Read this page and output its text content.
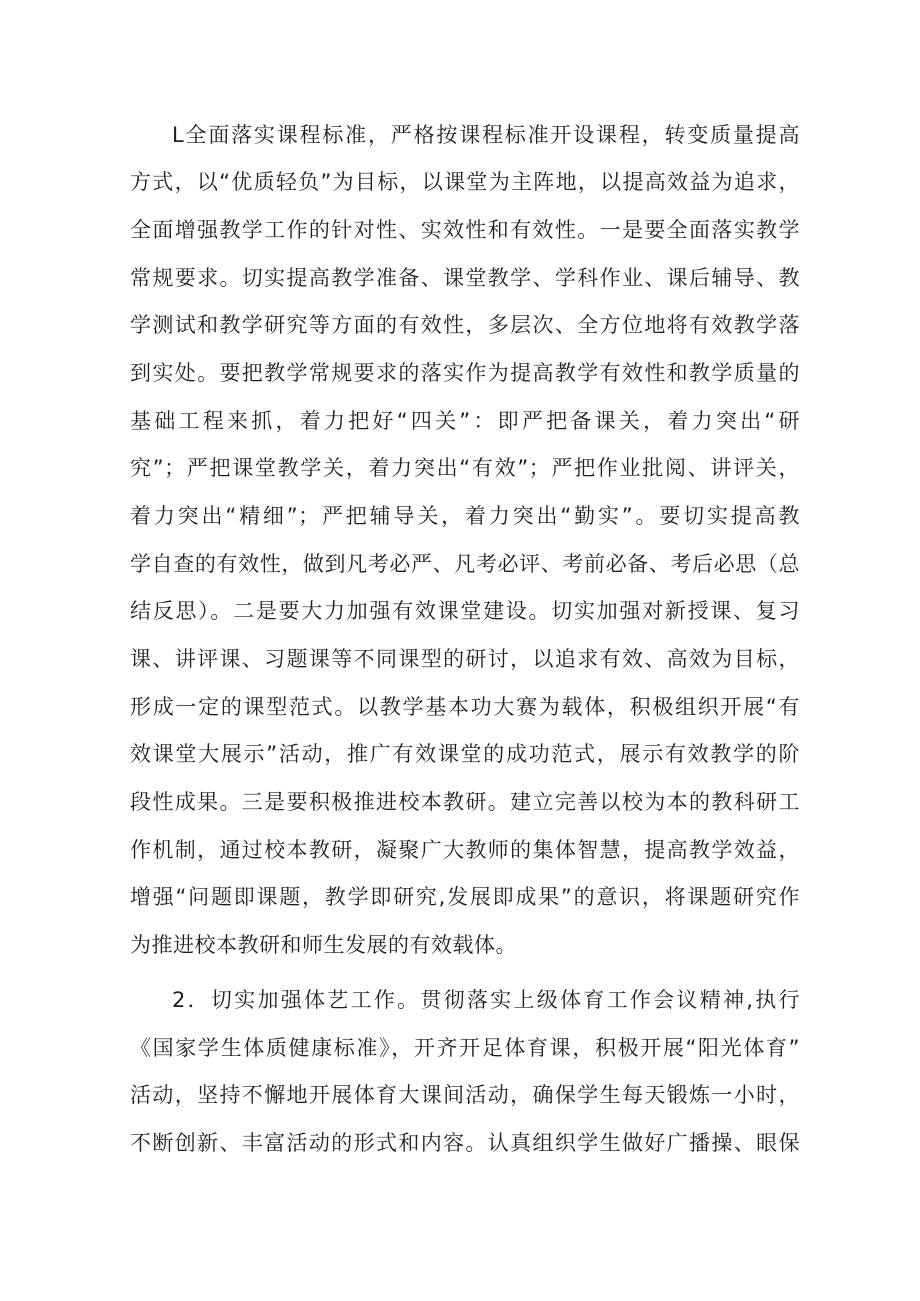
L全面落实课程标准，严格按课程标准开设课程，转变质量提高
方式，以“优质轻负”为目标，以课堂为主阵地，以提高效益为追求，
全面增强教学工作的针对性、实效性和有效性。一是要全面落实教学
常规要求。切实提高教学准备、课堂教学、学科作业、课后辅导、教
学测试和教学研究等方面的有效性，多层次、全方位地将有效教学落
到实处。要把教学常规要求的落实作为提高教学有效性和教学质量的
基础工程来抓，着力把好“四关”：即严把备课关，着力突出“研
究”；严把课堂教学关，着力突出“有效”；严把作业批阅、讲评关，
着力突出“精细”；严把辅导关，着力突出“勤实”。要切实提高教
学自查的有效性，做到凡考必严、凡考必评、考前必备、考后必思（总
结反思）。二是要大力加强有效课堂建设。切实加强对新授课、复习
课、讲评课、习题课等不同课型的研讨，以追求有效、高效为目标，
形成一定的课型范式。以教学基本功大赛为载体，积极组织开展“有
效课堂大展示”活动，推广有效课堂的成功范式，展示有效教学的阶
段性成果。三是要积极推进校本教研。建立完善以校为本的教科研工
作机制，通过校本教研，凝聚广大教师的集体智慧，提高教学效益，
增强“问题即课题，教学即研究,发展即成果”的意识，将课题研究作
为推进校本教研和师生发展的有效载体。
2．切实加强体艺工作。贯彻落实上级体育工作会议精神,执行
《国家学生体质健康标准》，开齐开足体育课，积极开展“阳光体育”
活动，坚持不懈地开展体育大课间活动，确保学生每天锻炼一小时，
不断创新、丰富活动的形式和内容。认真组织学生做好广播操、眼保
